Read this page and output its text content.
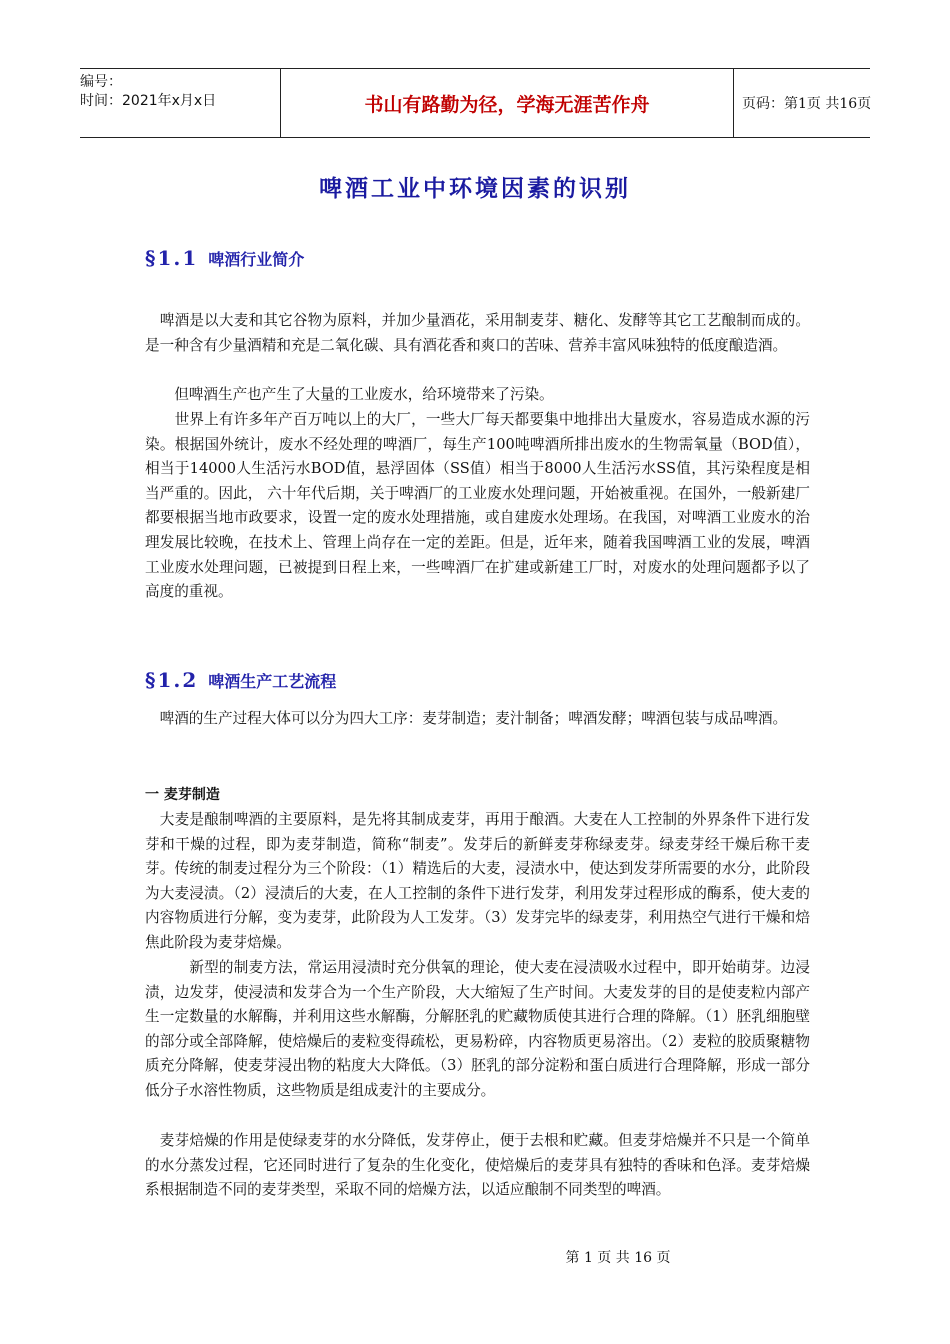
编号：
时间：2021年x月x日	书山有路勤为径，学海无涯苦作舟	页码：第1页 共16页
啤酒工业中环境因素的识别
§1.1 啤酒行业简介

　啤酒是以大麦和其它谷物为原料，并加少量酒花，采用制麦芽、糖化、发酵等其它工艺酿制而成的。是一种含有少量酒精和充是二氧化碳、具有酒花香和爽口的苦味、营养丰富风味独特的低度酿造酒。

　　但啤酒生产也产生了大量的工业废水，给环境带来了污染。

　　世界上有许多年产百万吨以上的大厂，一些大厂每天都要集中地排出大量废水，容易造成水源的污染。根据国外统计，废水不经处理的啤酒厂，每生产100吨啤酒所排出废水的生物需氧量（BOD值），相当于14000人生活污水BOD值，悬浮固体（SS值）相当于8000人生活污水SS值，其污染程度是相当严重的。因此， 六十年代后期，关于啤酒厂的工业废水处理问题，开始被重视。在国外，一般新建厂都要根据当地市政要求，设置一定的废水处理措施，或自建废水处理场。在我国，对啤酒工业废水的治理发展比较晚，在技术上、管理上尚存在一定的差距。但是，近年来，随着我国啤酒工业的发展，啤酒工业废水处理问题，已被提到日程上来，一些啤酒厂在扩建或新建工厂时，对废水的处理问题都予以了高度的重视。

§1.2 啤酒生产工艺流程

　啤酒的生产过程大体可以分为四大工序：麦芽制造；麦汁制备；啤酒发酵；啤酒包装与成品啤酒。

一 麦芽制造

　大麦是酿制啤酒的主要原料，是先将其制成麦芽，再用于酿酒。大麦在人工控制的外界条件下进行发芽和干燥的过程，即为麦芽制造，简称“制麦”。发芽后的新鲜麦芽称绿麦芽。绿麦芽经干燥后称干麦芽。传统的制麦过程分为三个阶段：（1）精选后的大麦，浸渍水中，使达到发芽所需要的水分，此阶段为大麦浸渍。（2）浸渍后的大麦，在人工控制的条件下进行发芽，利用发芽过程形成的酶系，使大麦的内容物质进行分解，变为麦芽，此阶段为人工发芽。（3）发芽完毕的绿麦芽，利用热空气进行干燥和焙焦此阶段为麦芽焙燥。

　　　新型的制麦方法，常运用浸渍时充分供氧的理论，使大麦在浸渍吸水过程中，即开始萌芽。边浸渍，边发芽，使浸渍和发芽合为一个生产阶段，大大缩短了生产时间。大麦发芽的目的是使麦粒内部产生一定数量的水解酶，并利用这些水解酶，分解胚乳的贮藏物质使其进行合理的降解。（1）胚乳细胞壁的部分或全部降解，使焙燥后的麦粒变得疏松，更易粉碎，内容物质更易溶出。（2）麦粒的胶质聚糖物质充分降解，使麦芽浸出物的粘度大大降低。（3）胚乳的部分淀粉和蛋白质进行合理降解，形成一部分低分子水溶性物质，这些物质是组成麦汁的主要成分。

　麦芽焙燥的作用是使绿麦芽的水分降低，发芽停止，便于去根和贮藏。但麦芽焙燥并不只是一个简单的水分蒸发过程，它还同时进行了复杂的生化变化，使焙燥后的麦芽具有独特的香味和色泽。麦芽焙燥系根据制造不同的麦芽类型，采取不同的焙燥方法，以适应酿制不同类型的啤酒。

第 1 页 共 16 页
